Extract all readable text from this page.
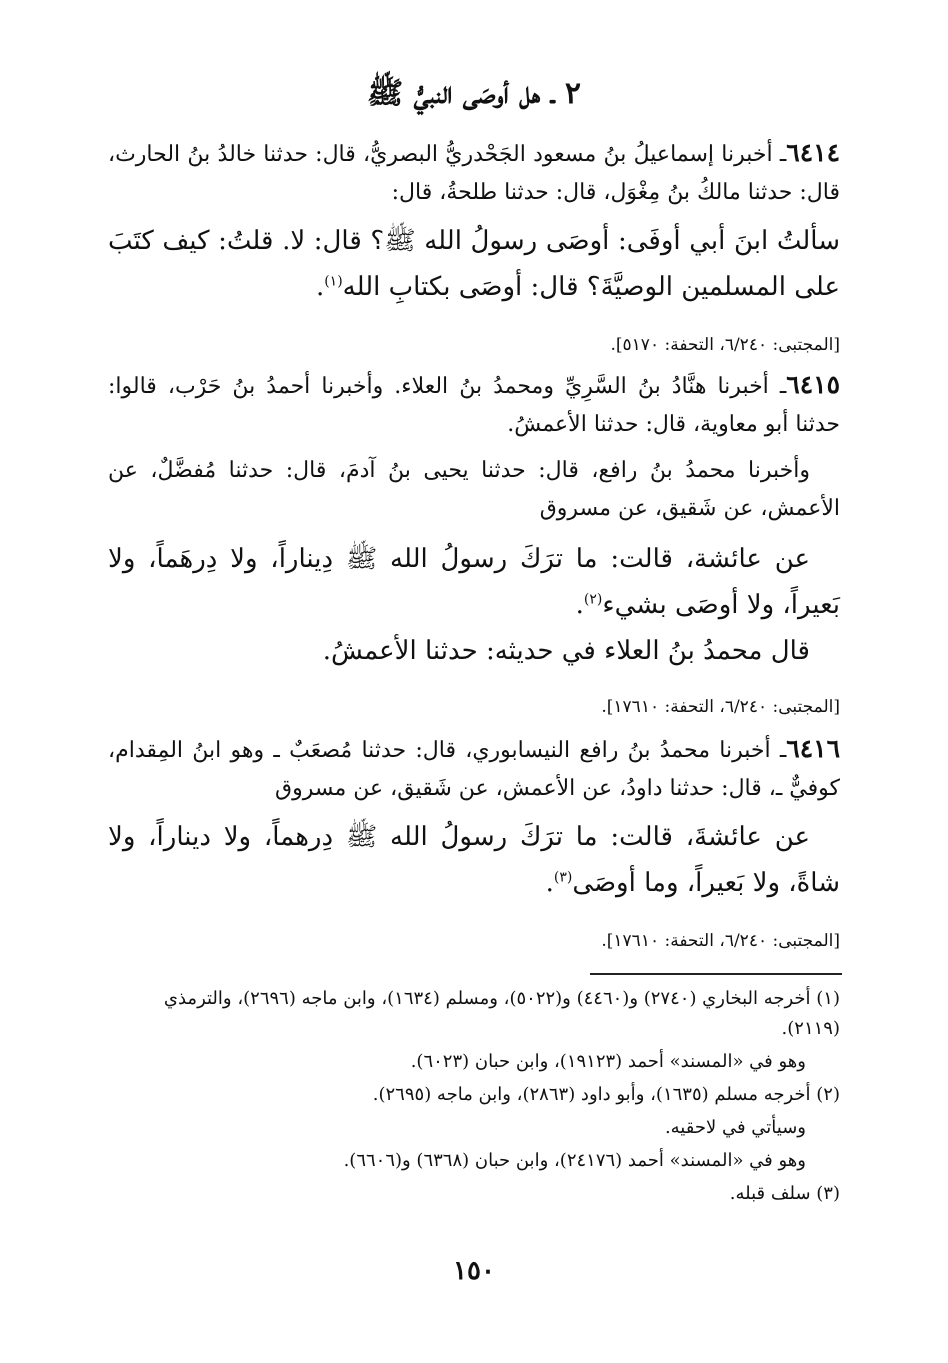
٢ ـ هل أوصَى النبيُّ ﷺ

٦٤١٤ـ أخبرنا إسماعيلُ بنُ مسعود الجَحْدريُّ البصريُّ، قال: حدثنا خالدُ بنُ الحارث، قال: حدثنا مالكُ بنُ مِغْوَل، قال: حدثنا طلحةُ، قال:

سألتُ ابنَ أبي أوفَى: أوصَى رسولُ الله ﷺ؟ قال: لا. قلتُ: كيف كتَبَ على المسلمين الوصيَّةَ؟ قال: أوصَى بكتابِ الله$^{(١)}$.

[المجتبى: ٦/٢٤٠، التحفة: ٥١٧٠].

٦٤١٥ـ أخبرنا هنَّادُ بنُ السَّرِيِّ ومحمدُ بنُ العلاء. وأخبرنا أحمدُ بنُ حَرْب، قالوا: حدثنا أبو معاوية، قال: حدثنا الأعمشُ.

وأخبرنا محمدُ بنُ رافع، قال: حدثنا يحيى بنُ آدمَ، قال: حدثنا مُفضَّلٌ، عن الأعمش، عن شَقيق، عن مسروق

عن عائشة، قالت: ما ترَكَ رسولُ الله ﷺ دِيناراً، ولا دِرهَماً، ولا بَعيراً، ولا أوصَى بشيء$^{(٢)}$.

قال محمدُ بنُ العلاء في حديثه: حدثنا الأعمشُ.

[المجتبى: ٦/٢٤٠، التحفة: ١٧٦١٠].

٦٤١٦ـ أخبرنا محمدُ بنُ رافع النيسابوري، قال: حدثنا مُصعَبٌ ـ وهو ابنُ المِقدام، كوفيٌّ ـ، قال: حدثنا داودُ، عن الأعمش، عن شَقيق، عن مسروق

عن عائشةَ، قالت: ما ترَكَ رسولُ الله ﷺ دِرهماً، ولا ديناراً، ولا شاةً، ولا بَعيراً، وما أوصَى$^{(٣)}$.

[المجتبى: ٦/٢٤٠، التحفة: ١٧٦١٠].

(١) أخرجه البخاري (٢٧٤٠) و(٤٤٦٠) و(٥٠٢٢)، ومسلم (١٦٣٤)، وابن ماجه (٢٦٩٦)، والترمذي (٢١١٩).

وهو في «المسند» أحمد (١٩١٢٣)، وابن حبان (٦٠٢٣).

(٢) أخرجه مسلم (١٦٣٥)، وأبو داود (٢٨٦٣)، وابن ماجه (٢٦٩٥).

وسيأتي في لاحقيه.

وهو في «المسند» أحمد (٢٤١٧٦)، وابن حبان (٦٣٦٨) و(٦٦٠٦).

(٣) سلف قبله.

١٥٠
